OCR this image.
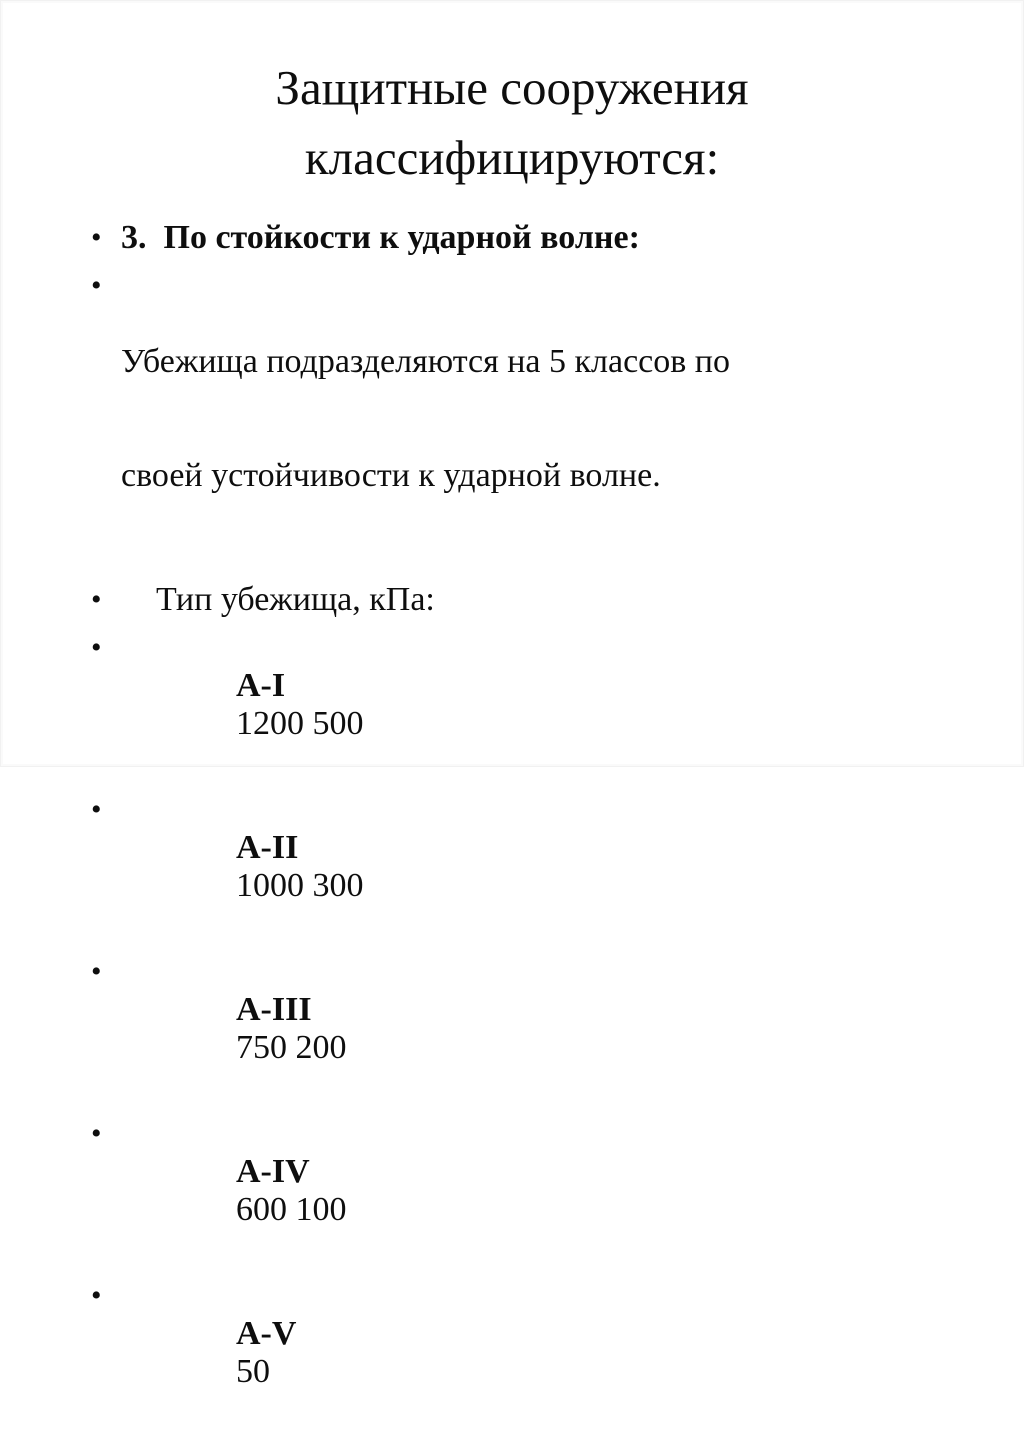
Защитные сооружения
классифицируются:
• 3.  По стойкости к ударной волне:
•

Убежища подразделяются на 5 классов по

своей устойчивости к ударной волне.

•	Тип убежища, кПа:
•

А-I
1200 500

•

А-II
1000 300

•

А-III
750 200

•

А-IV
600 100

•

А-V
50
